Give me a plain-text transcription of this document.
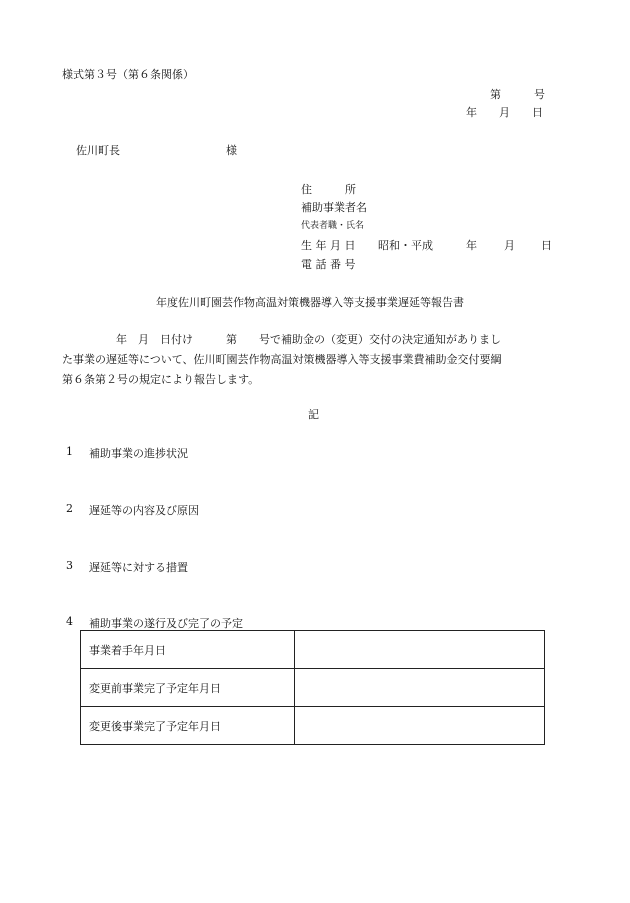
様式第３号（第６条関係）
第　　　号
年　　月　　日
佐川町長	様
住　　　所
補助事業者名
代表者職・氏名
生 年 月 日 昭和・平成	年 月 日
電 話 番 号
年度佐川町園芸作物高温対策機器導入等支援事業遅延等報告書
年　月　日付け　　　第　　号で補助金の（変更）交付の決定通知がありまし
た事業の遅延等について、佐川町園芸作物高温対策機器導入等支援事業費補助金交付要綱
第６条第２号の規定により報告します。
記
1 補助事業の進捗状況
2 遅延等の内容及び原因
3 遅延等に対する措置
4 補助事業の遂行及び完了の予定
事業着手年月日	
変更前事業完了予定年月日	
変更後事業完了予定年月日	
